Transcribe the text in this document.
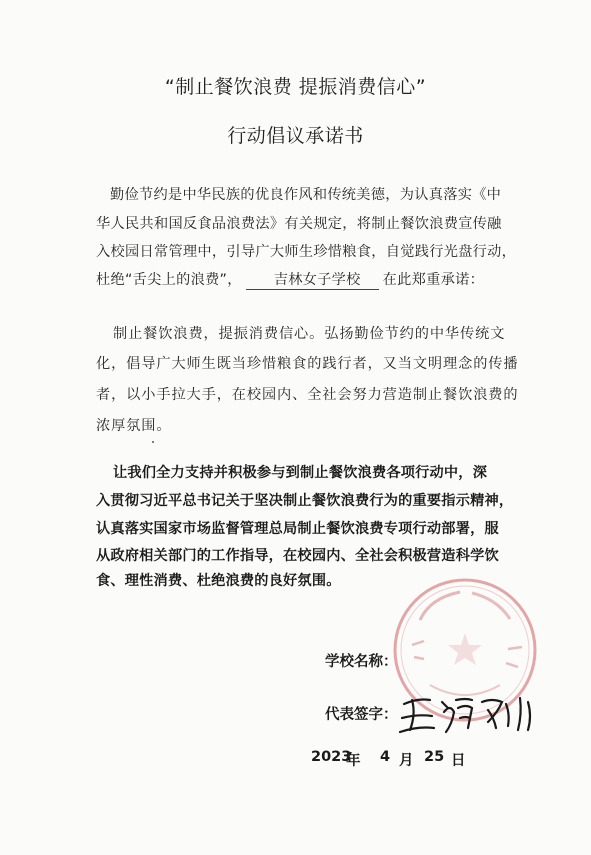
“制止餐饮浪费 提振消费信心”
行动倡议承诺书
勤俭节约是中华民族的优良作风和传统美德，为认真落实《中
华人民共和国反食品浪费法》有关规定，将制止餐饮浪费宣传融
入校园日常管理中，引导广大师生珍惜粮食，自觉践行光盘行动，
杜绝“舌尖上的浪费”， 吉林女子学校 在此郑重承诺：
制止餐饮浪费，提振消费信心。弘扬勤俭节约的中华传统文
化，倡导广大师生既当珍惜粮食的践行者，又当文明理念的传播
者，以小手拉大手，在校园内、全社会努力营造制止餐饮浪费的
浓厚氛围。
让我们全力支持并积极参与到制止餐饮浪费各项行动中，深
入贯彻习近平总书记关于坚决制止餐饮浪费行为的重要指示精神，
认真落实国家市场监督管理总局制止餐饮浪费专项行动部署，服
从政府相关部门的工作指导，在校园内、全社会积极营造科学饮
食、理性消费、杜绝浪费的良好氛围。
学校名称：
代表签字：
2023
年 4 月 25 日
